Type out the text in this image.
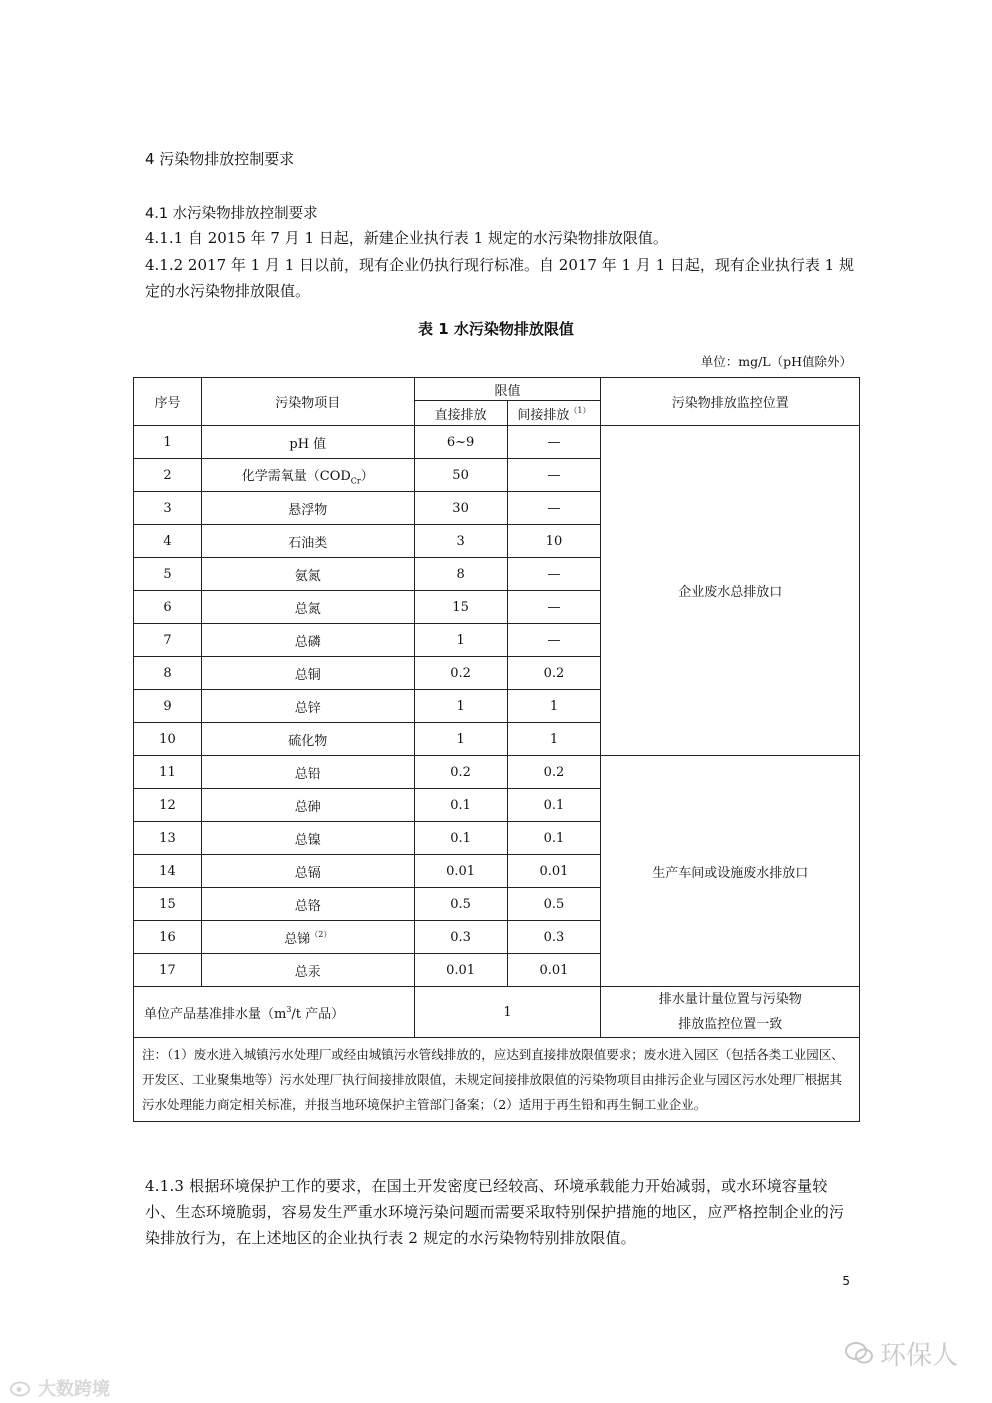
4 污染物排放控制要求
4.1 水污染物排放控制要求
4.1.1 自 2015 年 7 月 1 日起，新建企业执行表 1 规定的水污染物排放限值。
4.1.2 2017 年 1 月 1 日以前，现有企业仍执行现行标准。自 2017 年 1 月 1 日起，现有企业执行表 1 规定的水污染物排放限值。
表 1 水污染物排放限值
单位：mg/L（pH值除外）
序号	污染物项目	限值		污染物排放监控位置
		直接排放	间接排放$^{(1)}$
1	pH 值	6~9	—	企业废水总排放口
2	化学需氧量$(COD_{Cr})$	50	—	
3	悬浮物	30	—	
4	石油类	3	10	
5	氨氮	8	—	
6	总氮	15	—	
7	总磷	1	—	
8	总铜	0.2	0.2	
9	总锌	1	1	
10	硫化物	1	1	
11	总铅	0.2	0.2	生产车间或设施废水排放口
12	总砷	0.1	0.1	
13	总镍	0.1	0.1	
14	总镉	0.01	0.01	
15	总铬	0.5	0.5	
16	总锑$^{(2)}$	0.3	0.3	
17	总汞	0.01	0.01	
单位产品基准排水量（$m^3/t$ 产品）		1		排水量计量位置与污染物
排放监控位置一致

注：（1）废水进入城镇污水处理厂或经由城镇污水管线排放的，应达到直接排放限值要求；废水进入园区（包括各类工业园区、开发区、工业聚集地等）污水处理厂执行间接排放限值，未规定间接排放限值的污染物项目由排污企业与园区污水处理厂根据其污水处理能力商定相关标准，并报当地环境保护主管部门备案；（2）适用于再生铅和再生铜工业企业。				
4.1.3 根据环境保护工作的要求，在国土开发密度已经较高、环境承载能力开始减弱，或水环境容量较小、生态环境脆弱，容易发生严重水环境污染问题而需要采取特别保护措施的地区，应严格控制企业的污染排放行为，在上述地区的企业执行表 2 规定的水污染物特别排放限值。
5
环保人
大数跨境
